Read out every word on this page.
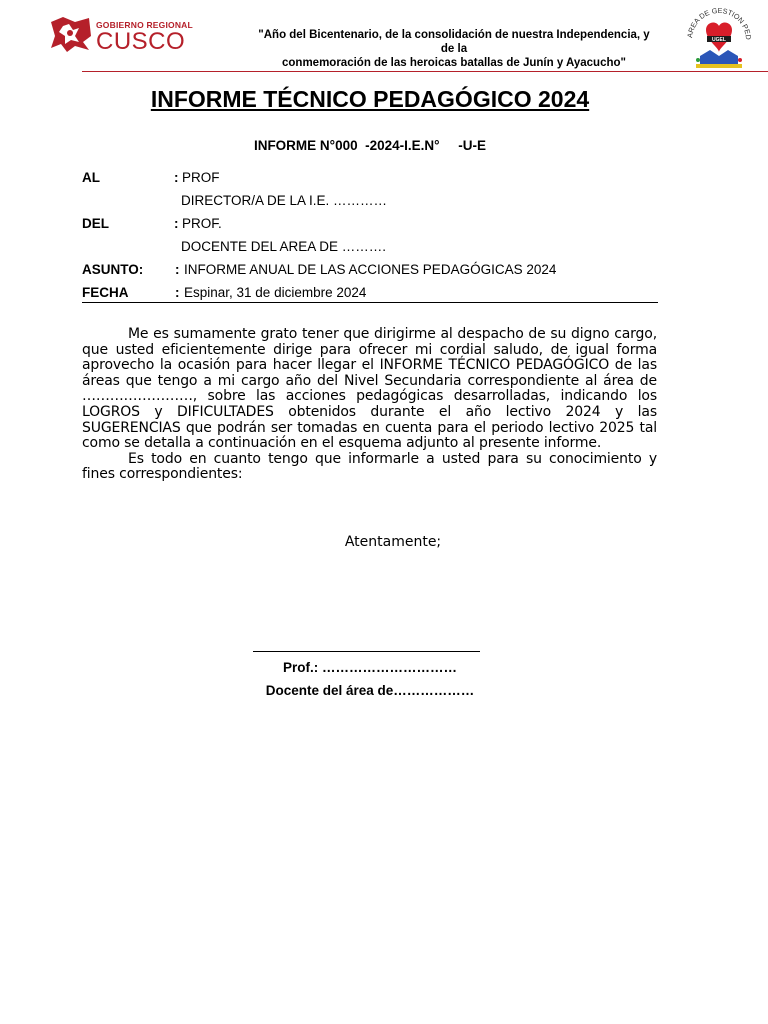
GOBIERNO REGIONAL
CUSCO	"Año del Bicentenario, de la consolidación de nuestra Independencia, y de la
conmemoración de las heroicas batallas de Junín y Ayacucho"
AREA DE GESTION PED
UGEL
INFORME TÉCNICO PEDAGÓGICO 2024
INFORME N°000  -2024-I.E.N°     -U-E
AL	: PROF
DIRECTOR/A DE LA I.E. …………
DEL	: PROF.
DOCENTE DEL AREA DE ……….
ASUNTO: : INFORME ANUAL DE LAS ACCIONES PEDAGÓGICAS 2024
FECHA	: Espinar, 31 de diciembre 2024

Me es sumamente grato tener que dirigirme al despacho de su digno cargo, que usted eficientemente dirige para ofrecer mi cordial saludo, de igual forma aprovecho la ocasión para hacer llegar el INFORME TÉCNICO PEDAGÓGICO de las áreas que tengo a mi cargo año del Nivel Secundaria correspondiente al área de ……………………, sobre las acciones pedagógicas desarrolladas, indicando los LOGROS y DIFICULTADES obtenidos durante el año lectivo 2024 y las SUGERENCIAS que podrán ser tomadas en cuenta para el periodo lectivo 2025 tal como se detalla a continuación en el esquema adjunto al presente informe.

Es todo en cuanto tengo que informarle a usted para su conocimiento y fines correspondientes:

Atentamente;
Prof.: …………………………
Docente del área de………………
